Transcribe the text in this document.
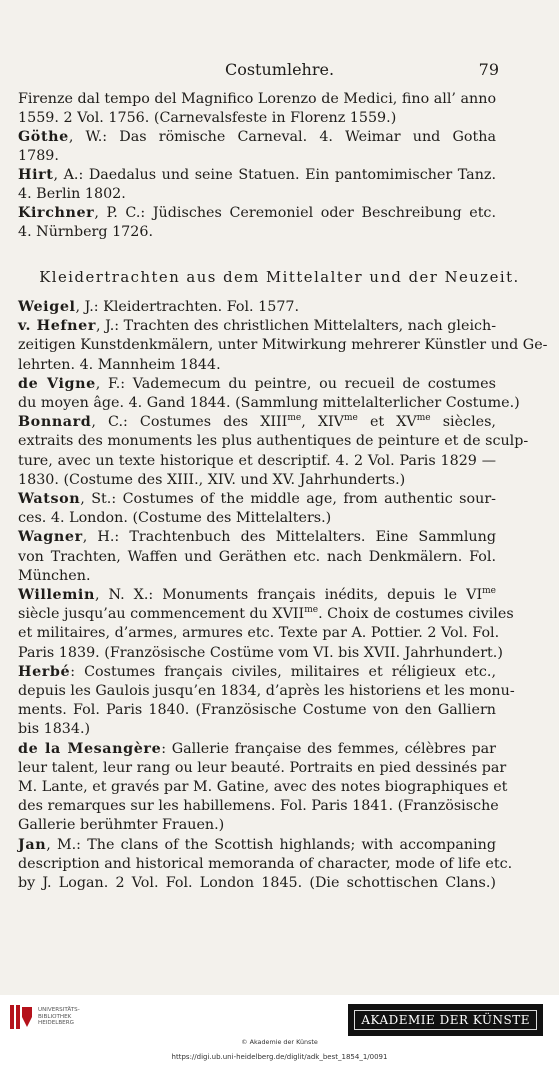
Costumlehre.	79
Firenze dal tempo del Magnifico Lorenzo de Medici, fino all’ anno
1559. 2 Vol. 1756. (Carnevalsfeste in Florenz 1559.)
Göthe, W.: Das römische Carneval. 4. Weimar und Gotha
1789.
Hirt, A.: Daedalus und seine Statuen. Ein pantomimischer Tanz.
4. Berlin 1802.
Kirchner, P. C.: Jüdisches Ceremoniel oder Beschreibung etc.
4. Nürnberg 1726.
Kleidertrachten aus dem Mittelalter und der Neuzeit.
Weigel, J.: Kleidertrachten. Fol. 1577.
v. Hefner, J.: Trachten des christlichen Mittelalters, nach gleich-
zeitigen Kunstdenkmälern, unter Mitwirkung mehrerer Künstler und Ge-
lehrten. 4. Mannheim 1844.
de Vigne, F.: Vademecum du peintre, ou recueil de costumes
du moyen âge. 4. Gand 1844. (Sammlung mittelalterlicher Costume.)
Bonnard, C.: Costumes des $XIII^{me}$, $XIV^{me}$ et $XV^{me}$ siècles,
extraits des monuments les plus authentiques de peinture et de sculp-
ture, avec un texte historique et descriptif. 4. 2 Vol. Paris 1829 —
1830. (Costume des XIII., XIV. und XV. Jahrhunderts.)
Watson, St.: Costumes of the middle age, from authentic sour-
ces. 4. London. (Costume des Mittelalters.)
Wagner, H.: Trachtenbuch des Mittelalters. Eine Sammlung
von Trachten, Waffen und Geräthen etc. nach Denkmälern. Fol.
München.
Willemin, N. X.: Monuments français inédits, depuis le $VI^{me}$
siècle jusqu’au commencement du $XVII^{me}$. Choix de costumes civiles
et militaires, d’armes, armures etc. Texte par A. Pottier. 2 Vol. Fol.
Paris 1839. (Französische Costüme vom VI. bis XVII. Jahrhundert.)
Herbé: Costumes français civiles, militaires et réligieux etc.,
depuis les Gaulois jusqu’en 1834, d’après les historiens et les monu-
ments. Fol. Paris 1840. (Französische Costume von den Galliern
bis 1834.)
de la Mesangère: Gallerie française des femmes, célèbres par
leur talent, leur rang ou leur beauté. Portraits en pied dessinés par
M. Lante, et gravés par M. Gatine, avec des notes biographiques et
des remarques sur les habillemens. Fol. Paris 1841. (Französische
Gallerie berühmter Frauen.)
Jan, M.: The clans of the Scottish highlands; with accompaning
description and historical memoranda of character, mode of life etc.
by J. Logan. 2 Vol. Fol. London 1845. (Die schottischen Clans.)
UNIVERSITÄTS-
BIBLIOTHEK
HEIDELBERG	AKADEMIE DER KÜNSTE
© Akademie der Künste
https://digi.ub.uni-heidelberg.de/diglit/adk_best_1854_1/0091
